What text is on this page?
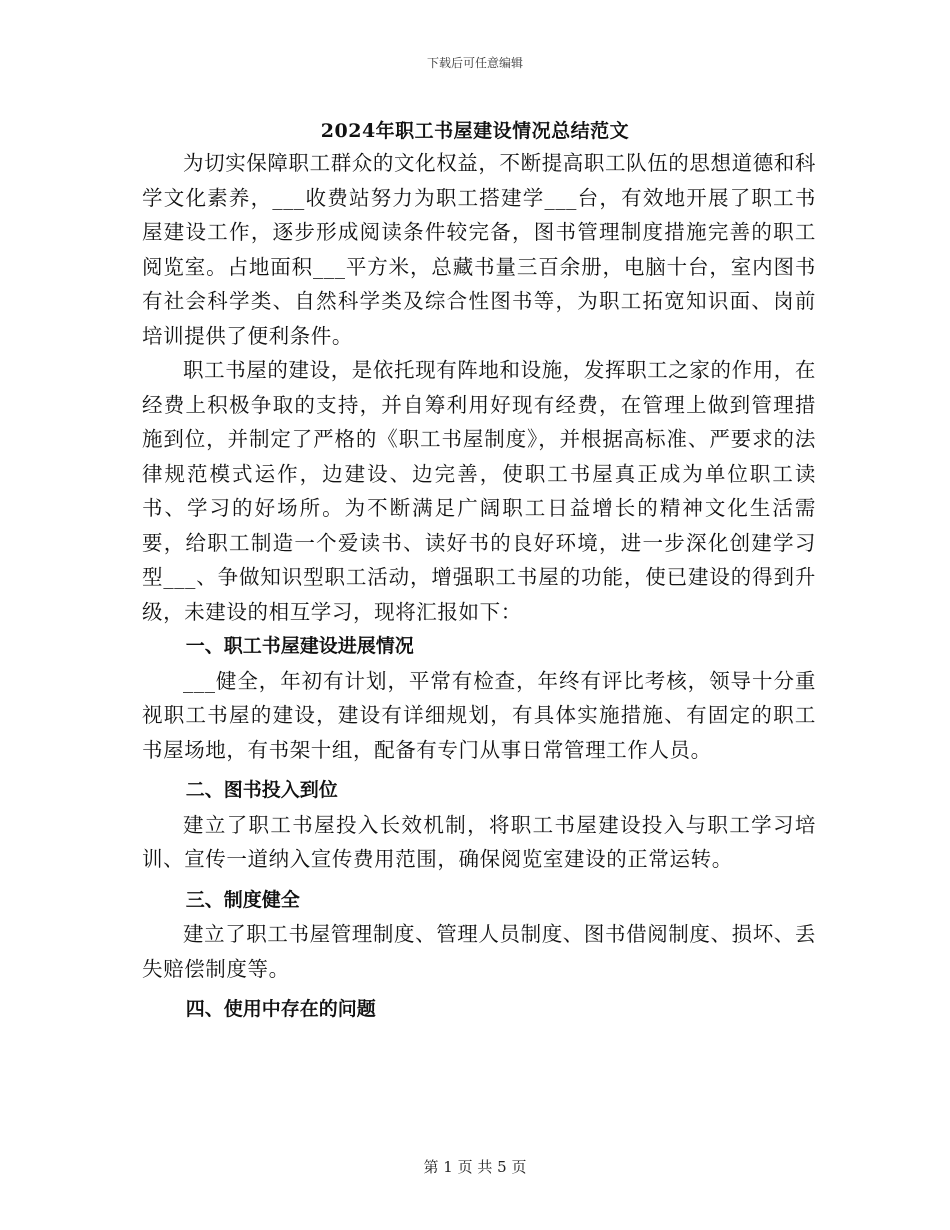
下载后可任意编辑
2024年职工书屋建设情况总结范文

为切实保障职工群众的文化权益，不断提高职工队伍的思想道德和科学文化素养，___收费站努力为职工搭建学___台，有效地开展了职工书屋建设工作，逐步形成阅读条件较完备，图书管理制度措施完善的职工阅览室。占地面积___平方米，总藏书量三百余册，电脑十台，室内图书有社会科学类、自然科学类及综合性图书等，为职工拓宽知识面、岗前培训提供了便利条件。

职工书屋的建设，是依托现有阵地和设施，发挥职工之家的作用，在经费上积极争取的支持，并自筹利用好现有经费，在管理上做到管理措施到位，并制定了严格的《职工书屋制度》，并根据高标准、严要求的法律规范模式运作，边建设、边完善，使职工书屋真正成为单位职工读书、学习的好场所。为不断满足广阔职工日益增长的精神文化生活需要，给职工制造一个爱读书、读好书的良好环境，进一步深化创建学习型___、争做知识型职工活动，增强职工书屋的功能，使已建设的得到升级，未建设的相互学习，现将汇报如下：

一、职工书屋建设进展情况

___健全，年初有计划，平常有检查，年终有评比考核，领导十分重视职工书屋的建设，建设有详细规划，有具体实施措施、有固定的职工书屋场地，有书架十组，配备有专门从事日常管理工作人员。

二、图书投入到位

建立了职工书屋投入长效机制，将职工书屋建设投入与职工学习培训、宣传一道纳入宣传费用范围，确保阅览室建设的正常运转。

三、制度健全

建立了职工书屋管理制度、管理人员制度、图书借阅制度、损坏、丢失赔偿制度等。

四、使用中存在的问题

第 1 页 共 5 页
